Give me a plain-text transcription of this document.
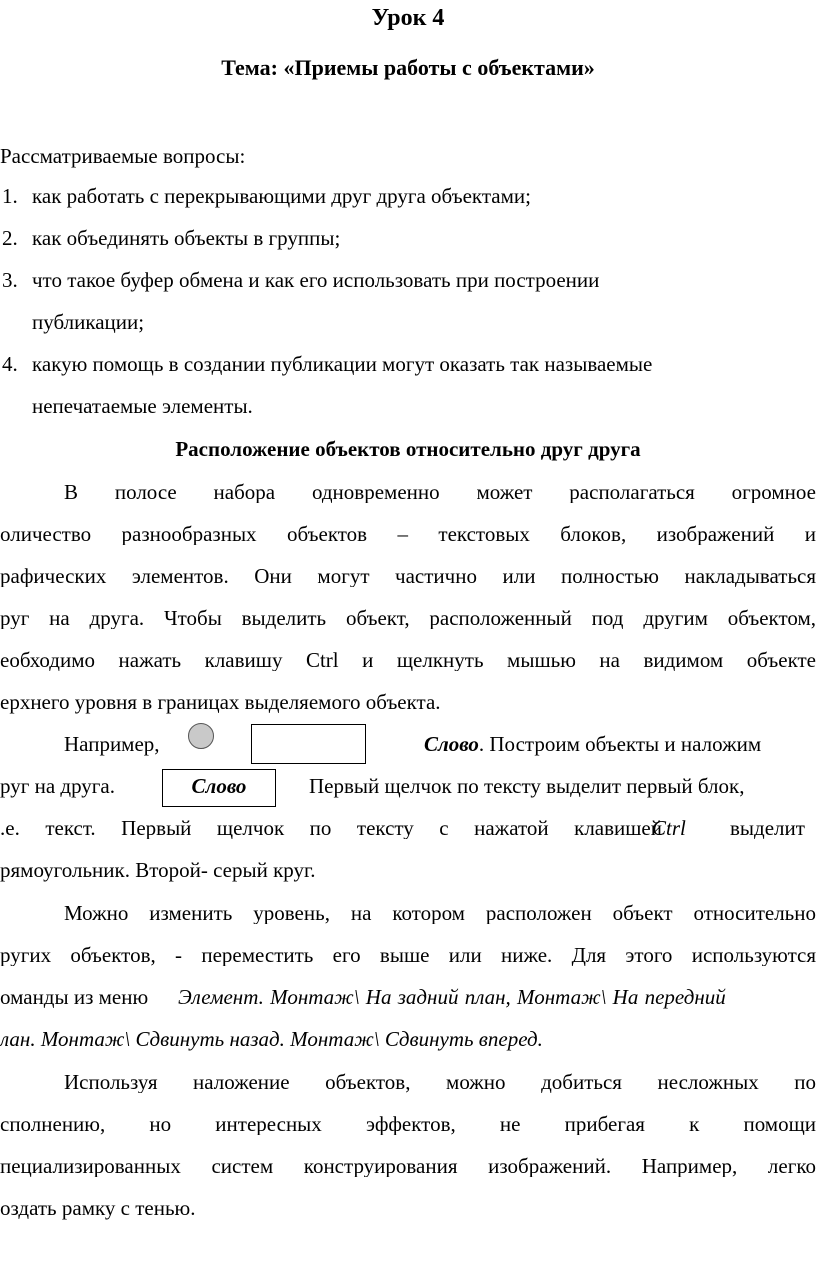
Урок 4
Тема: «Приемы работы с объектами»
Рассматриваемые вопросы:
1. как работать с перекрывающими друг друга объектами;
2. как объединять объекты в группы;
3. что такое буфер обмена и как его использовать при построении
публикации;
4. какую помощь в создании публикации могут оказать так называемые
непечатаемые элементы.
Расположение объектов относительно друг друга
В полосе набора одновременно может располагаться огромное
оличество разнообразных объектов – текстовых блоков, изображений и
рафических элементов. Они могут частично или полностью накладываться
руг на друга. Чтобы выделить объект, расположенный под другим объектом,
еобходимо нажать клавишу Ctrl и щелкнуть мышью на видимом объекте
ерхнего уровня в границах выделяемого объекта.
Например,	Слово. Построим объекты и наложим
руг на друга.	Слово	Первый щелчок по тексту выделит первый блок,
.е. текст. Первый щелчок по тексту с нажатой клавишей
Ctrl выделит
рямоугольник. Второй- серый круг.
Можно изменить уровень, на котором расположен объект относительно
ругих объектов, - переместить его выше или ниже. Для этого используются
оманды из меню Элемент. Монтаж\ На задний план, Монтаж\ На передний
лан. Монтаж\ Сдвинуть назад. Монтаж\ Сдвинуть вперед.
Используя наложение объектов, можно добиться несложных по
сполнению, но интересных эффектов, не прибегая к помощи
пециализированных систем конструирования изображений. Например, легко
оздать рамку с тенью.
